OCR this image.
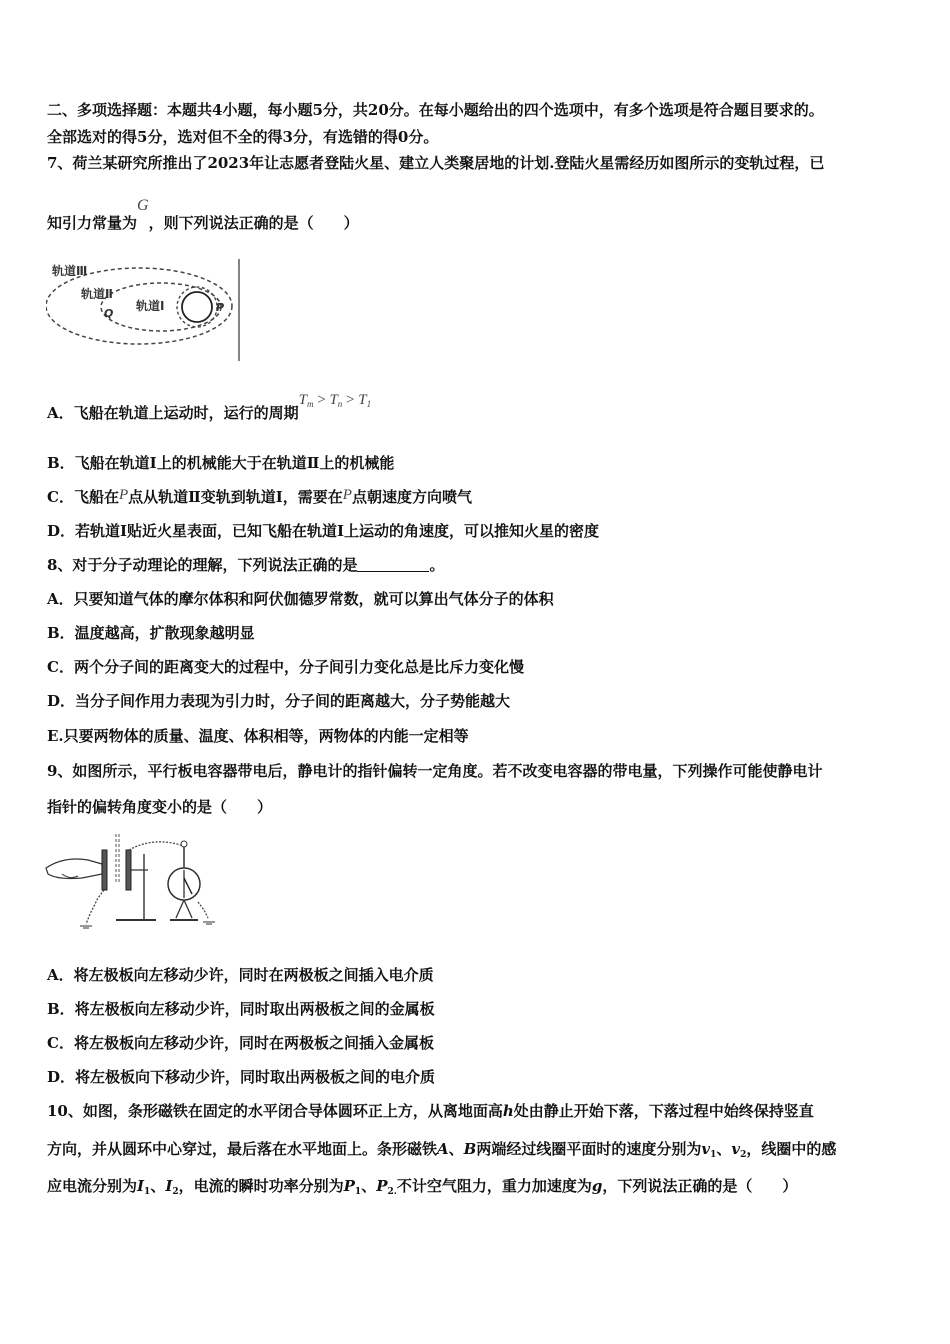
二、多项选择题：本题共4小题，每小题5分，共20分。在每小题给出的四个选项中，有多个选项是符合题目要求的。
全部选对的得5分，选对但不全的得3分，有选错的得0分。
7、荷兰某研究所推出了2023年让志愿者登陆火星、建立人类聚居地的计划.登陆火星需经历如图所示的变轨过程，已
知引力常量为G，则下列说法正确的是（　　）
轨道Ⅲ
轨道Ⅱ
轨道Ⅰ
Q	P
A．飞船在轨道上运动时，运行的周期$T_m > T_n > T_1$
B．飞船在轨道Ⅰ上的机械能大于在轨道Ⅱ上的机械能
C．飞船在P点从轨道Ⅱ变轨到轨道Ⅰ，需要在P点朝速度方向喷气
D．若轨道Ⅰ贴近火星表面，已知飞船在轨道Ⅰ上运动的角速度，可以推知火星的密度
8、对于分子动理论的理解，下列说法正确的是	。
A．只要知道气体的摩尔体积和阿伏伽德罗常数，就可以算出气体分子的体积
B．温度越高，扩散现象越明显
C．两个分子间的距离变大的过程中，分子间引力变化总是比斥力变化慢
D．当分子间作用力表现为引力时，分子间的距离越大，分子势能越大
E.只要两物体的质量、温度、体积相等，两物体的内能一定相等
9、如图所示，平行板电容器带电后，静电计的指针偏转一定角度。若不改变电容器的带电量，下列操作可能使静电计
指针的偏转角度变小的是（　　）
A．将左极板向左移动少许，同时在两极板之间插入电介质
B．将左极板向左移动少许，同时取出两极板之间的金属板
C．将左极板向左移动少许，同时在两极板之间插入金属板
D．将左极板向下移动少许，同时取出两极板之间的电介质
10、如图，条形磁铁在固定的水平闭合导体圆环正上方，从离地面高h处由静止开始下落，下落过程中始终保持竖直
方向，并从圆环中心穿过，最后落在水平地面上。条形磁铁A、B两端经过线圈平面时的速度分别为$v_1$、$v_2$，线圈中的感
应电流分别为$I_1$、$I_2$，电流的瞬时功率分别为$P_1$、$P_{2.}$不计空气阻力，重力加速度为g，下列说法正确的是（　　）
